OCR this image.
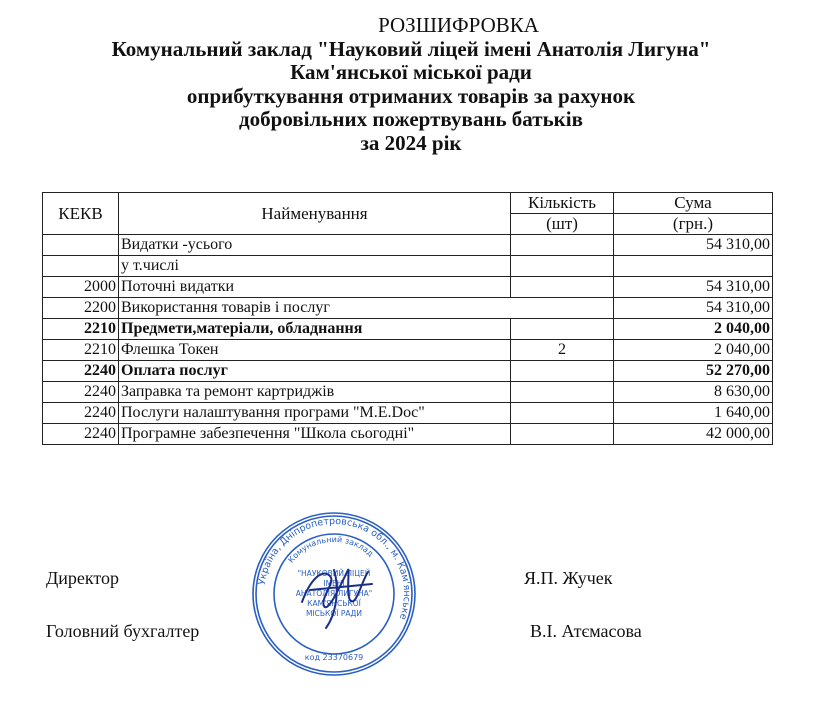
РОЗШИФРОВКА
Комунальний заклад "Науковий ліцей імені Анатолія Лигуна"
Кам'янської міської ради
оприбуткування отриманих товарів за рахунок
добровільних пожертвувань батьків
за 2024 рік
КЕКВ	Найменування	Кількість	Сума
		(шт)	(грн.)
	Видатки -усього		54 310,00
	у т.числі		
2000	Поточні видатки		54 310,00
2200	Використання товарів і послуг		54 310,00
2210	Предмети,матеріали, обладнання		2 040,00
2210	Флешка Токен	2	2 040,00
2240	Оплата послуг		52 270,00
2240	Заправка та ремонт картриджів		8 630,00
2240	Послуги налаштування програми "M.E.Doc"		1 640,00
2240	Програмне забезпечення "Школа сьогодні"		42 000,00
Україна, Дніпропетровська обл., м. Кам'янське
Комунальний заклад
"НАУКОВИЙ ЛІЦЕЙ
ІМЕНІ
АНАТОЛІЯ ЛИГУНА"
КАМ'ЯНСЬКОЇ
МІСЬКОЇ РАДИ
код 23370679
Директор	Я.П. Жучек
Головний бухгалтер	В.І. Атємасова
